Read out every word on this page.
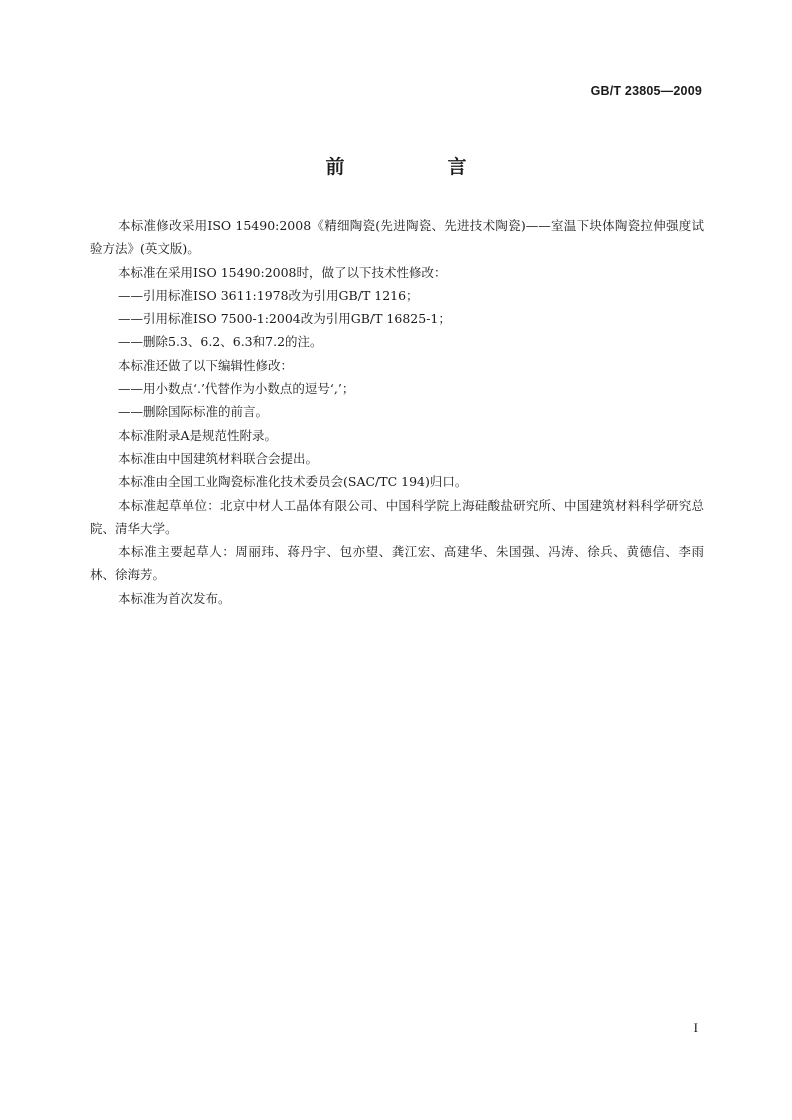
GB/T 23805—2009
前　言

本标准修改采用ISO 15490:2008《精细陶瓷(先进陶瓷、先进技术陶瓷)——室温下块体陶瓷拉伸强度试验方法》(英文版)。

本标准在采用ISO 15490:2008时，做了以下技术性修改：

——引用标准ISO 3611:1978改为引用GB/T 1216；

——引用标准ISO 7500-1:2004改为引用GB/T 16825-1；

——删除5.3、6.2、6.3和7.2的注。

本标准还做了以下编辑性修改：

——用小数点‘.’代替作为小数点的逗号‘,’；

——删除国际标准的前言。

本标准附录A是规范性附录。

本标准由中国建筑材料联合会提出。

本标准由全国工业陶瓷标准化技术委员会(SAC/TC 194)归口。

本标准起草单位：北京中材人工晶体有限公司、中国科学院上海硅酸盐研究所、中国建筑材料科学研究总院、清华大学。

本标准主要起草人：周丽玮、蒋丹宇、包亦望、龚江宏、高建华、朱国强、冯涛、徐兵、黄德信、李雨林、徐海芳。

本标准为首次发布。

I
